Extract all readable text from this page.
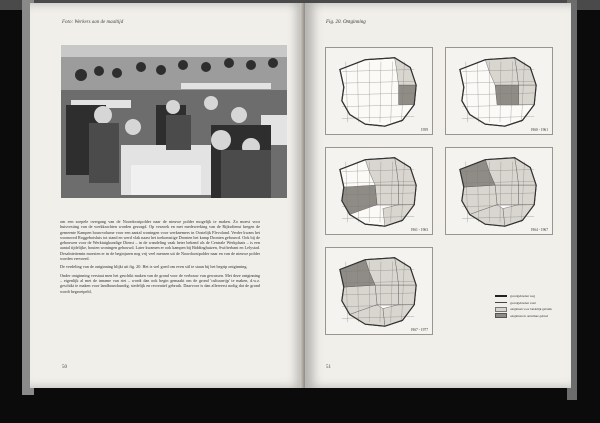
Foto: Werkers aan de maaltijd

om een soepele overgang van de Noordoostpolder naar de nieuwe polder mogelijk te maken. Zo moest voor huisvesting van de werkkrachten worden gezorgd. Op verzoek en met medewerking van de Rijksdienst kregen de gemeente Kampen bouwvolume voor een aantal woningen voor werknemers in Oostelijk Flevoland. Verder kwam het woonoord Roggebotsluis tot stand en werd vlak naast het toekomstige Dronten het kamp Dronten gebouwd. Ook bij de gebouwen voor de Werktuigkundige Dienst – in de wandeling vaak heter bekend als de Centrale Werkplaats – is een aantal tijdelijke, houten woningen gebouwd. Later kwamen er ook kampen bij Biddinghuizen, Swifterbant en Lelystad. Desalniettemin moesten er in de beginjaren nog vrij veel mensen uit de Noordoostpolder naar en van de nieuwe polder worden vervoerd.

De verdeling van de ontginning blijkt uit fig. 20. Het is wel goed om even stil te staan bij het begrip ontginning.

Onder ontginning verstaat men het geschikt maken van de grond voor de verbouw van gewassen. Met deze ontginning – eigenlijk al met de inname van riet – wordt dan ook begin gemaakt om de grond 'cultuurrijp' te maken, d.w.z. geschikt te maken voor landbouwkundig, stedelijk en recreatief gebruik. Daarvoor is dan allereerst nodig dat de grond wordt begroeipeld,

50
Fig. 20. Ontginning
1959	1960 - 1961
1961 - 1963	1964 - 1967
1967 - 1977
grondgebieden weg
grondgebieden vaart
ontginnen voor landelijk gebruik
ontginnen in ontwikke gebied
51
